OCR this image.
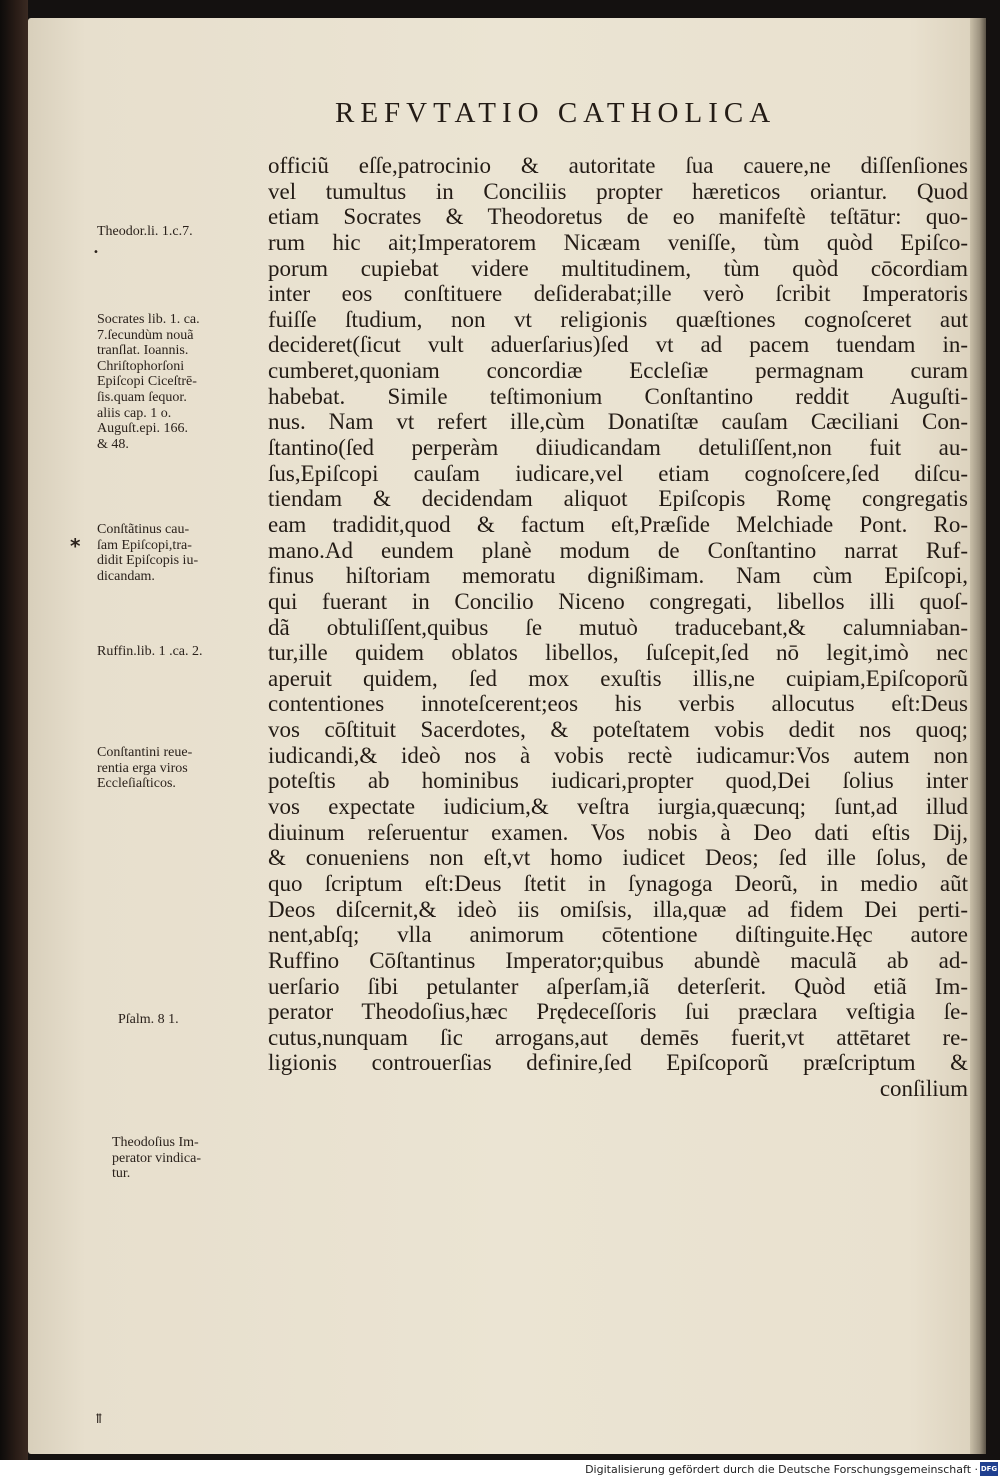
REFVTATIO CATHOLICA
officiũ eſſe,patrocinio & autoritate ſua cauere,ne diſſenſiones
vel tumultus in Conciliis propter hæreticos oriantur. Quod
etiam Socrates & Theodoretus de eo manifeſtè teſtātur: quo-
rum hic ait;Imperatorem Nicæam veniſſe, tùm quòd Epiſco-
porum cupiebat videre multitudinem, tùm quòd cōcordiam
inter eos conſtituere deſiderabat;ille verò ſcribit Imperatoris
fuiſſe ſtudium, non vt religionis quæſtiones cognoſceret aut
decideret(ſicut vult aduerſarius)ſed vt ad pacem tuendam in-
cumberet,quoniam concordiæ Eccleſiæ permagnam curam
habebat. Simile teſtimonium Conſtantino reddit Auguſti-
nus. Nam vt refert ille,cùm Donatiſtæ cauſam Cæciliani Con-
ſtantino(ſed perperàm diiudicandam detuliſſent,non fuit au-
ſus,Epiſcopi cauſam iudicare,vel etiam cognoſcere,ſed diſcu-
tiendam & decidendam aliquot Epiſcopis Romę congregatis
eam tradidit,quod & factum eſt,Præſide Melchiade Pont. Ro-
mano.Ad eundem planè modum de Conſtantino narrat Ruf-
finus hiſtoriam memoratu dignißimam. Nam cùm Epiſcopi,
qui fuerant in Concilio Niceno congregati, libellos illi quoſ-
dã obtuliſſent,quibus ſe mutuò traducebant,& calumniaban-
tur,ille quidem oblatos libellos, ſuſcepit,ſed nō legit,imò nec
aperuit quidem, ſed mox exuſtis illis,ne cuipiam,Epiſcoporũ
contentiones innoteſcerent;eos his verbis allocutus eſt:Deus
vos cōſtituit Sacerdotes, & poteſtatem vobis dedit nos quoq;
iudicandi,& ideò nos à vobis rectè iudicamur:Vos autem non
poteſtis ab hominibus iudicari,propter quod,Dei ſolius inter
vos expectate iudicium,& veſtra iurgia,quæcunq; ſunt,ad illud
diuinum reſeruentur examen. Vos nobis à Deo dati eſtis Dij,
& conueniens non eſt,vt homo iudicet Deos; ſed ille ſolus, de
quo ſcriptum eſt:Deus ſtetit in ſynagoga Deorũ, in medio aũt
Deos diſcernit,& ideò iis omiſsis, illa,quæ ad fidem Dei perti-
nent,abſq; vlla animorum cōtentione diſtinguite.Hęc autore
Ruffino Cōſtantinus Imperator;quibus abundè maculã ab ad-
uerſario ſibi petulanter aſperſam,iã deterſerit. Quòd etiã Im-
perator Theodoſius,hæc Prędeceſſoris ſui præclara veſtigia ſe-
cutus,nunquam ſic arrogans,aut demēs fuerit,vt attētaret re-
ligionis controuerſias definire,ſed Epiſcoporũ præſcriptum &
conſilium
Theodor.li. 1.c.7.
•
Socrates lib. 1. ca.
7.ſecundùm nouã
tranſlat. Ioannis.
Chriſtophorſoni
Epiſcopi Ciceſtrē-
ſis.quam ſequor.
aliis cap. 1 o.
Auguſt.epi. 166.
& 48.
*
Conſtãtinus cau-
ſam Epiſcopi,tra-
didit Epiſcopis iu-
dicandam.
Ruffin.lib. 1 .ca. 2.
Conſtantini reue-
rentia erga viros
Eccleſiaſticos.
Pſalm. 8 1.
Theodoſius Im-
perator vindica-
tur.
ỻ
Digitalisierung gefördert durch die Deutsche Forschungsgemeinschaft · DFG
